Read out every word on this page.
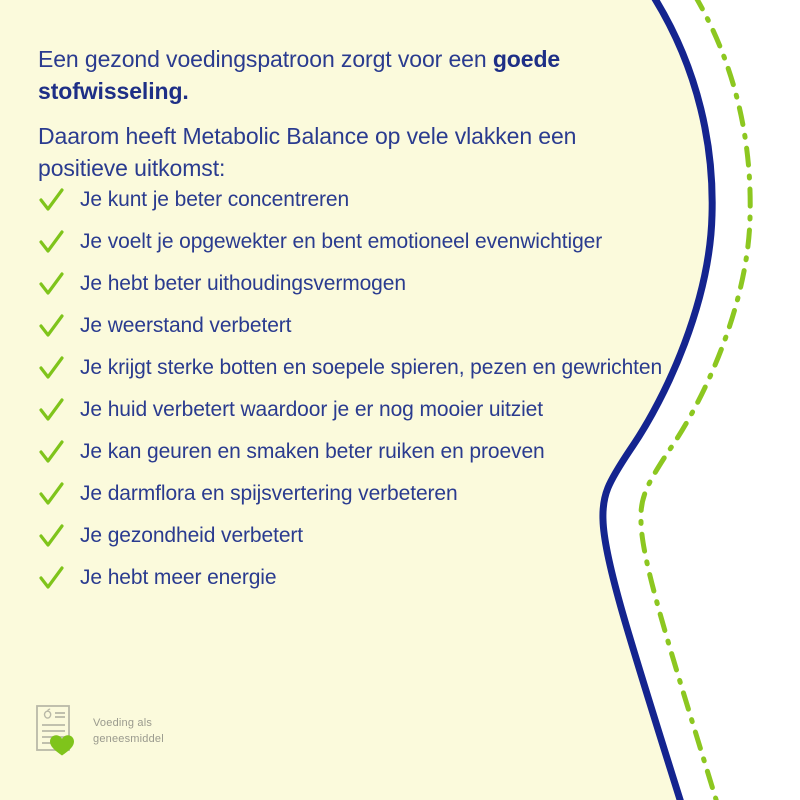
Een gezond voedingspatroon zorgt voor een goede stofwisseling.

Daarom heeft Metabolic Balance op vele vlakken een positieve uitkomst:

Je kunt je beter concentreren
Je voelt je opgewekter en bent emotioneel evenwichtiger
Je hebt beter uithoudingsvermogen
Je weerstand verbetert
Je krijgt sterke botten en soepele spieren, pezen en gewrichten
Je huid verbetert waardoor je er nog mooier uitziet
Je kan geuren en smaken beter ruiken en proeven
Je darmflora en spijsvertering verbeteren
Je gezondheid verbetert
Je hebt meer energie
Voeding als
geneesmiddel
